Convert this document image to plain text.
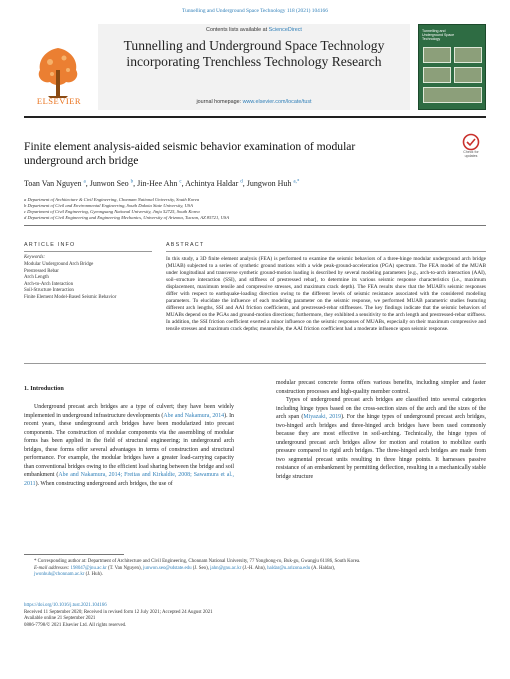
Tunnelling and Underground Space Technology 118 (2021) 104166
ELSEVIER
Contents lists available at ScienceDirect
Tunnelling and Underground Space Technology
incorporating Trenchless Technology Research
journal homepage: www.elsevier.com/locate/tust
Tunnelling and
Underground Space
Technology
Finite element analysis-aided seismic behavior examination of modular underground arch bridge
Check for
updates
Toan Van Nguyen $^a$, Junwon Seo $^b$, Jin-Hee Ahn $^c$, Achintya Haldar $^d$, Jungwon Huh $^{a,*}$
a Department of Architecture & Civil Engineering, Chonnam National University, South Korea
b Department of Civil and Environmental Engineering, South Dakota State University, USA
c Department of Civil Engineering, Gyeongsang National University, Jinju 52725, South Korea
d Department of Civil Engineering and Engineering Mechanics, University of Arizona, Tucson, AZ 85721, USA
ARTICLE INFO	ABSTRACT
Keywords:
Modular Underground Arch Bridge
Prestressed Rebar
Arch Length
Arch-to-Arch Interaction
Soil-Structure Interaction
Finite Element Model-Based Seismic Behavior
In this study, a 3D finite element analysis (FEA) is performed to examine the seismic behaviors of a three-hinge modular underground arch bridge (MUAB) subjected to a series of synthetic ground motions with a wide peak-ground-acceleration (PGA) spectrum. The FEA model of the MUAB under longitudinal and transverse synthetic ground-motion loading is described by several modeling parameters [e.g., arch-to-arch interaction (AAI), soil–structure interaction (SSI), and stiffness of prestressed rebar], to determine its various seismic response characteristics (i.e., maximum displacement, maximum tensile and compressive stresses, and maximum crack depth). The FEA results show that the MUAB's seismic responses differ with respect to earthquake-loading direction owing to the different levels of seismic resistance associated with the considered modeling parameters. To elucidate the influence of each modeling parameter on the seismic response, we performed MUAB parametric studies featuring different arch lengths, SSI and AAI friction coefficients, and prestressed-rebar stiffnesses. The key findings indicate that the seismic behaviors of MUABs depend on the PGAs and ground-motion directions; furthermore, they exhibited a sensitivity to the arch length and prestressed-rebar stiffness. In addition, the SSI friction coefficient exerted a minor influence on the seismic responses of MUABs, especially on their maximum compressive and tensile stresses and maximum crack depths; meanwhile, the AAI friction coefficient had a moderate influence upon seismic response.
1. Introduction

Underground precast arch bridges are a type of culvert; they have been widely implemented in underground infrastructure developments (Abe and Nakamura, 2014). In recent years, these underground arch bridges have been modularized into precast components. The construction of modular components via the assembling of modular forms has been applied in the field of structural engineering; in underground arch bridges, these forms offer several advantages in terms of construction and structural performance. For example, the modular bridges have a greater load-carrying capacity than conventional bridges owing to the efficient load sharing between the bridge and soil embankment (Abe and Nakamura, 2014; Freitas and Kirkaldie, 2008; Sawamura et al., 2011). When constructing underground arch bridges, the use of

modular precast concrete forms offers various benefits, including simpler and faster construction processes and high-quality member control.

Types of underground precast arch bridges are classified into several categories including hinge types based on the cross-section sizes of the arch and the sizes of the arch span (Miyazaki, 2019). For the hinge types of underground precast arch bridges, two-hinged arch bridges and three-hinged arch bridges have been used commonly because they are most effective in soil-arching. Technically, the hinge types of underground precast arch bridges allow for motion and rotation to mobilize earth pressure compared to rigid arch bridges. The three-hinged arch bridges are made from two segmental precast units resulting in three hinge points. It harnesses passive resistance of an embankment by permitting deflection, resulting in a mechanically stable bridge structure

* Corresponding author at: Department of Architecture and Civil Engineering, Chonnam National University, 77 Yongbong-ro, Buk-gu, Gwangju 61186, South Korea.
E-mail addresses: 198047@jnu.ac.kr (T. Van Nguyen), junwon.seo@sdstate.edu (J. Seo), jahn@gnu.ac.kr (J.-H. Ahn), haldar@u.arizona.edu (A. Haldar),
jwonhuh@chonnam.ac.kr (J. Huh).
https://doi.org/10.1016/j.tust.2021.104166
Received 11 September 2020; Received in revised form 12 July 2021; Accepted 24 August 2021
Available online 21 September 2021
0886-7798/© 2021 Elsevier Ltd. All rights reserved.
